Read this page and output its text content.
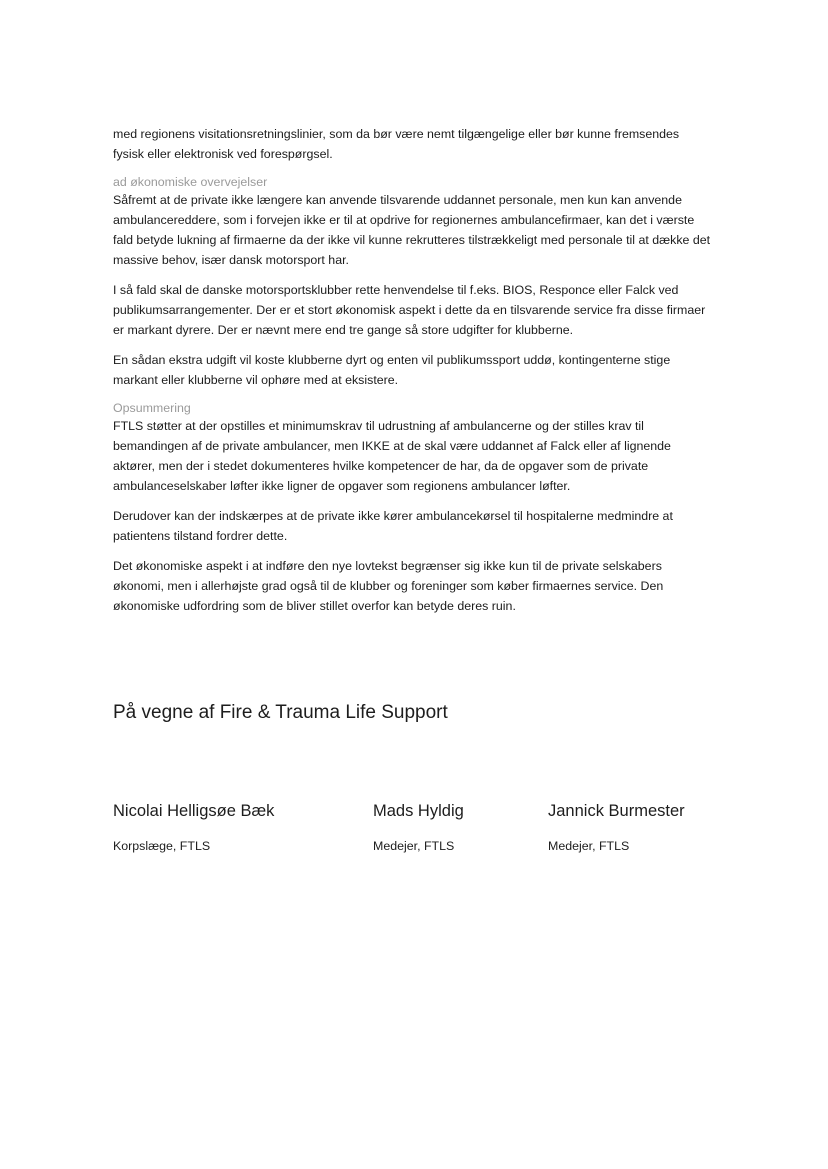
med regionens visitationsretningslinier, som da bør være nemt tilgængelige eller bør kunne fremsendes fysisk eller elektronisk ved forespørgsel.

ad økonomiske overvejelser

Såfremt at de private ikke længere kan anvende tilsvarende uddannet personale, men kun kan anvende ambulancereddere, som i forvejen ikke er til at opdrive for regionernes ambulancefirmaer, kan det i værste fald betyde lukning af firmaerne da der ikke vil kunne rekrutteres tilstrækkeligt med personale til at dække det massive behov, især dansk motorsport har.

I så fald skal de danske motorsportsklubber rette henvendelse til f.eks. BIOS, Responce eller Falck ved publikumsarrangementer. Der er et stort økonomisk aspekt i dette da en tilsvarende service fra disse firmaer er markant dyrere. Der er nævnt mere end tre gange så store udgifter for klubberne.

En sådan ekstra udgift vil koste klubberne dyrt og enten vil publikumssport uddø, kontingenterne stige markant eller klubberne vil ophøre med at eksistere.

Opsummering

FTLS støtter at der opstilles et minimumskrav til udrustning af ambulancerne og der stilles krav til bemandingen af de private ambulancer, men IKKE at de skal være uddannet af Falck eller af lignende aktører, men der i stedet dokumenteres hvilke kompetencer de har, da de opgaver som de private ambulanceselskaber løfter ikke ligner de opgaver som regionens ambulancer løfter.

Derudover kan der indskærpes at de private ikke kører ambulancekørsel til hospitalerne medmindre at patientens tilstand fordrer dette.

Det økonomiske aspekt i at indføre den nye lovtekst begrænser sig ikke kun til de private selskabers økonomi, men i allerhøjste grad også til de klubber og foreninger som køber firmaernes service. Den økonomiske udfordring som de bliver stillet overfor kan betyde deres ruin.

På vegne af Fire & Trauma Life Support

Nicolai Helligsøe Bæk

Korpslæge, FTLS

Mads Hyldig

Medejer, FTLS

Jannick Burmester

Medejer, FTLS
